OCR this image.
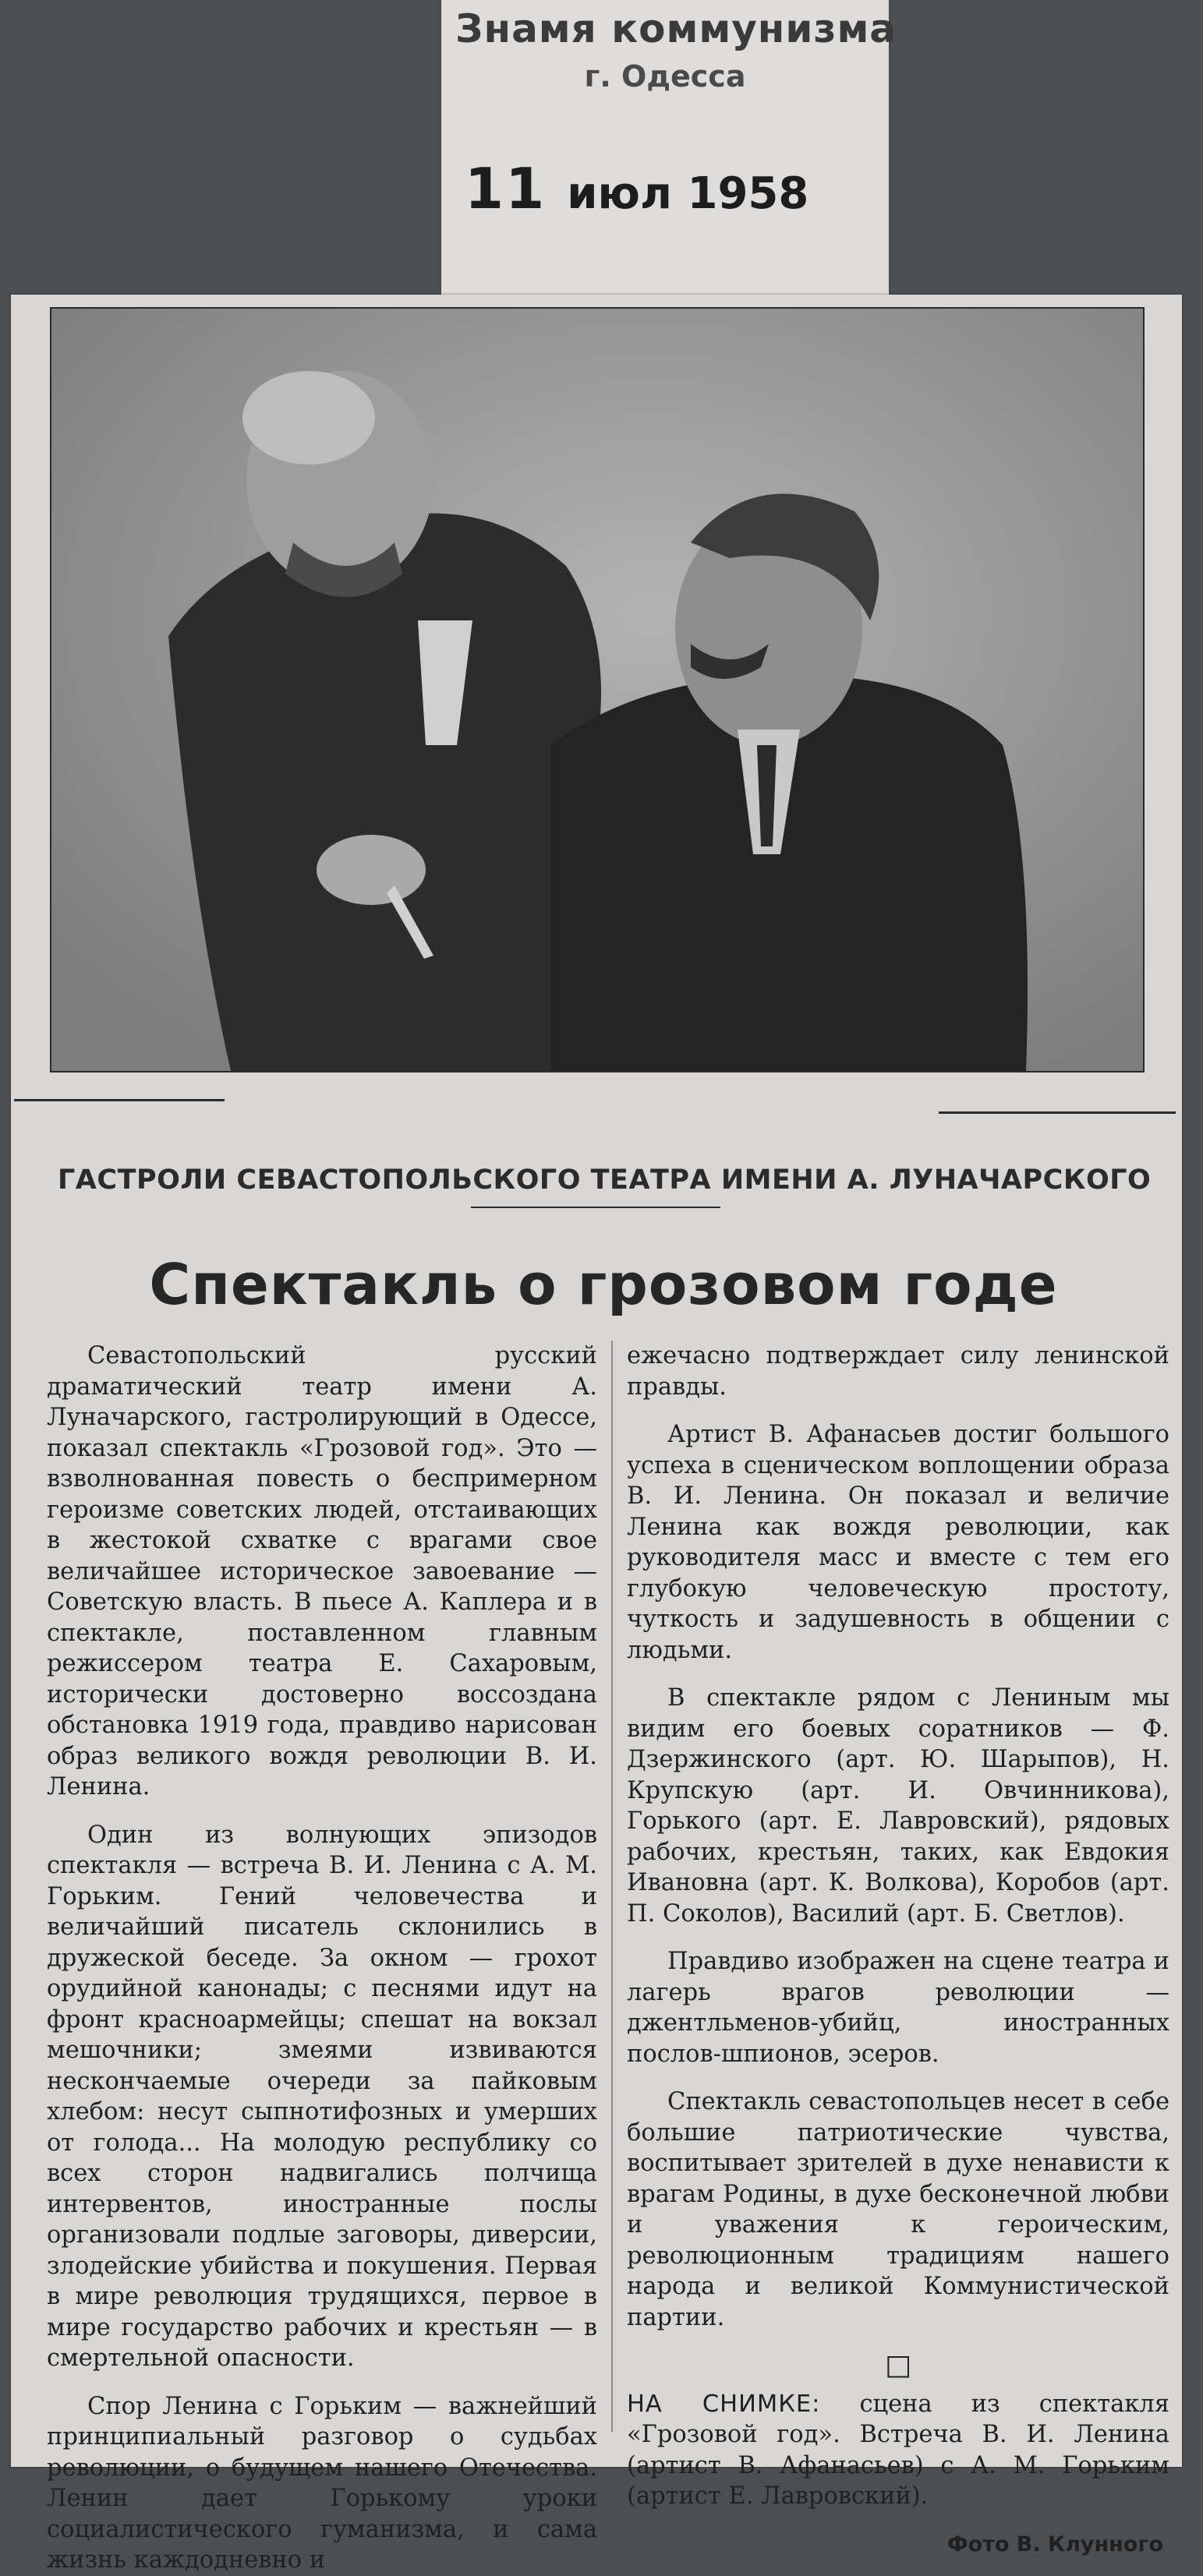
Знамя коммунизма
г. Одесса
11 июл 1958
ГАСТРОЛИ СЕВАСТОПОЛЬСКОГО ТЕАТРА ИМЕНИ А. ЛУНАЧАРСКОГО
Спектакль о грозовом годе

Севастопольский русский драматический театр имени А. Луначарского, гастролирующий в Одессе, показал спектакль «Грозовой год». Это — взволнованная повесть о беспримерном героизме советских людей, отстаивающих в жестокой схватке с врагами свое величайшее историческое завоевание — Советскую власть. В пьесе А. Каплера и в спектакле, поставленном главным режиссером театра Е. Сахаровым, исторически достоверно воссоздана обстановка 1919 года, правдиво нарисован образ великого вождя революции В. И. Ленина.

Один из волнующих эпизодов спектакля — встреча В. И. Ленина с А. М. Горьким. Гений человечества и величайший писатель склонились в дружеской беседе. За окном — грохот орудийной канонады; с песнями идут на фронт красноармейцы; спешат на вокзал мешочники; змеями извиваются нескончаемые очереди за пайковым хлебом: несут сыпнотифозных и умерших от голода... На молодую республику со всех сторон надвигались полчища интервентов, иностранные послы организовали подлые заговоры, диверсии, злодейские убийства и покушения. Первая в мире революция трудящихся, первое в мире государство рабочих и крестьян — в смертельной опасности.

Спор Ленина с Горьким — важнейший принципиальный разговор о судьбах революции, о будущем нашего Отечества. Ленин дает Горькому уроки социалистического гуманизма, и сама жизнь каждодневно и

ежечасно подтверждает силу ленинской правды.

Артист В. Афанасьев достиг большого успеха в сценическом воплощении образа В. И. Ленина. Он показал и величие Ленина как вождя революции, как руководителя масс и вместе с тем его глубокую человеческую простоту, чуткость и задушевность в общении с людьми.

В спектакле рядом с Лениным мы видим его боевых соратников — Ф. Дзержинского (арт. Ю. Шарыпов), Н. Крупскую (арт. И. Овчинникова), Горького (арт. Е. Лавровский), рядовых рабочих, крестьян, таких, как Евдокия Ивановна (арт. К. Волкова), Коробов (арт. П. Соколов), Василий (арт. Б. Светлов).

Правдиво изображен на сцене театра и лагерь врагов революции — джентльменов-убийц, иностранных послов-шпионов, эсеров.

Спектакль севастопольцев несет в себе большие патриотические чувства, воспитывает зрителей в духе ненависти к врагам Родины, в духе бесконечной любви и уважения к героическим, революционным традициям нашего народа и великой Коммунистической партии.

□

НА СНИМКЕ: сцена из спектакля «Грозовой год». Встреча В. И. Ленина (артист В. Афанасьев) с А. М. Горьким (артист Е. Лавровский).

Фото В. Клунного
